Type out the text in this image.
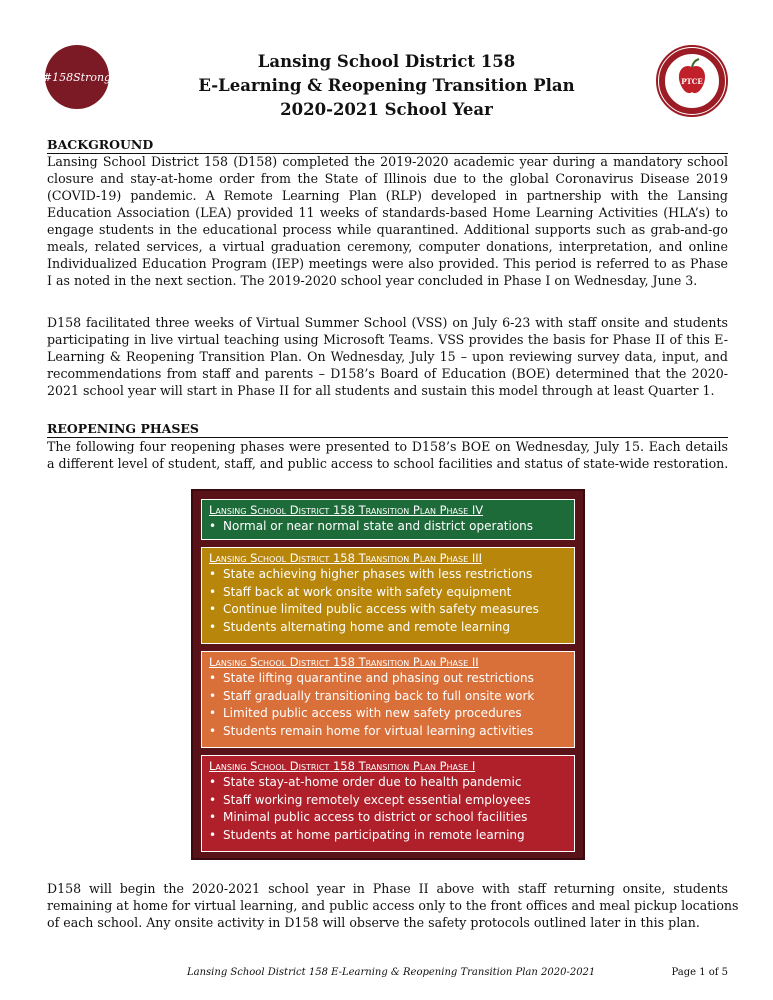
#158Strong	PTCE
Lansing School District 158
E-Learning & Reopening Transition Plan
2020-2021 School Year
BACKGROUND
Lansing School District 158 (D158) completed the 2019-2020 academic year during a mandatory school
closure and stay-at-home order from the State of Illinois due to the global Coronavirus Disease 2019
(COVID-19) pandemic. A Remote Learning Plan (RLP) developed in partnership with the Lansing
Education Association (LEA) provided 11 weeks of standards-based Home Learning Activities (HLA’s) to
engage students in the educational process while quarantined. Additional supports such as grab-and-go
meals, related services, a virtual graduation ceremony, computer donations, interpretation, and online
Individualized Education Program (IEP) meetings were also provided. This period is referred to as Phase
I as noted in the next section. The 2019-2020 school year concluded in Phase I on Wednesday, June 3.
D158 facilitated three weeks of Virtual Summer School (VSS) on July 6-23 with staff onsite and students
participating in live virtual teaching using Microsoft Teams. VSS provides the basis for Phase II of this E-
Learning & Reopening Transition Plan. On Wednesday, July 15 – upon reviewing survey data, input, and
recommendations from staff and parents – D158’s Board of Education (BOE) determined that the 2020-
2021 school year will start in Phase II for all students and sustain this model through at least Quarter 1.
REOPENING PHASES
The following four reopening phases were presented to D158’s BOE on Wednesday, July 15. Each details
a different level of student, staff, and public access to school facilities and status of state-wide restoration.
Lansing School District 158 Transition Plan Phase IV
• Normal or near normal state and district operations
Lansing School District 158 Transition Plan Phase III
• State achieving higher phases with less restrictions
• Staff back at work onsite with safety equipment
• Continue limited public access with safety measures
• Students alternating home and remote learning
Lansing School District 158 Transition Plan Phase II
• State lifting quarantine and phasing out restrictions
• Staff gradually transitioning back to full onsite work
• Limited public access with new safety procedures
• Students remain home for virtual learning activities
Lansing School District 158 Transition Plan Phase I
• State stay-at-home order due to health pandemic
• Staff working remotely except essential employees
• Minimal public access to district or school facilities
• Students at home participating in remote learning
D158 will begin the 2020-2021 school year in Phase II above with staff returning onsite, students
remaining at home for virtual learning, and public access only to the front offices and meal pickup locations
of each school. Any onsite activity in D158 will observe the safety protocols outlined later in this plan.
Lansing School District 158 E-Learning & Reopening Transition Plan 2020-2021	Page 1 of 5
